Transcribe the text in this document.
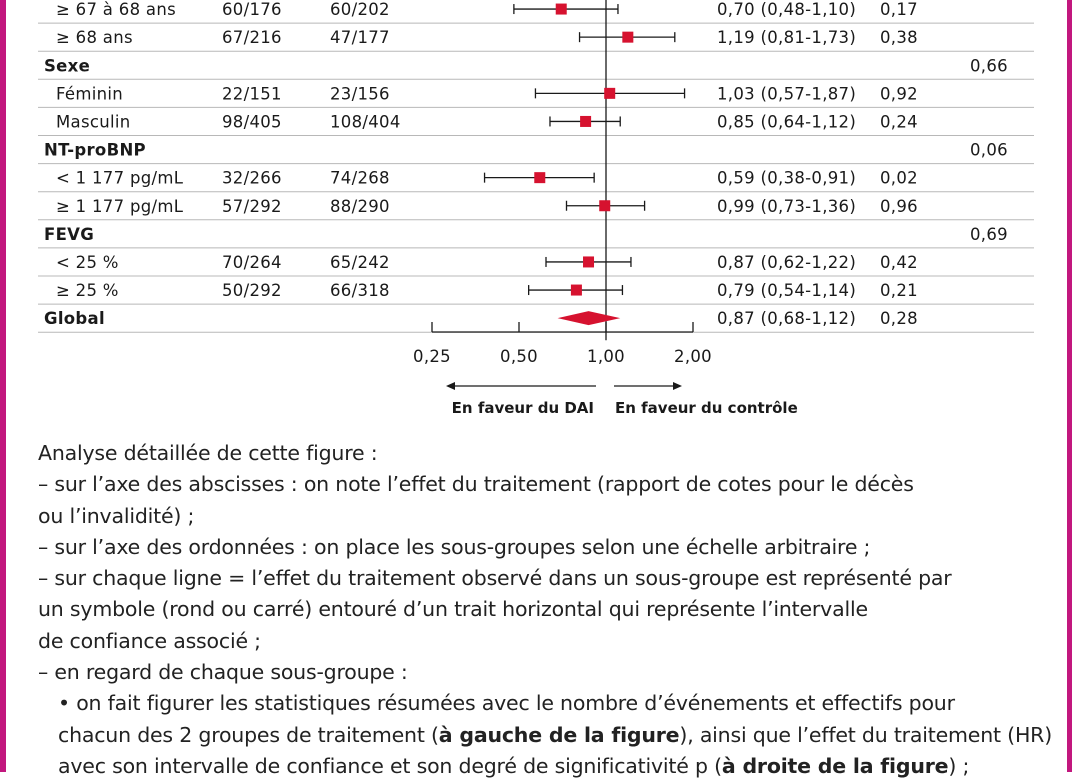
≥ 67 à 68 ans	60/176	60/202	0,70 (0,48-1,10) 0,17
≥ 68 ans	67/216	47/177	1,19 (0,81-1,73) 0,38
Sexe	0,66
Féminin	22/151	23/156	1,03 (0,57-1,87) 0,92
Masculin	98/405	108/404	0,85 (0,64-1,12) 0,24
NT-proBNP	0,06
< 1 177 pg/mL 32/266	74/268	0,59 (0,38-0,91) 0,02
≥ 1 177 pg/mL 57/292	88/290	0,99 (0,73-1,36) 0,96
FEVG	0,69
< 25 %	70/264	65/242	0,87 (0,62-1,22) 0,42
≥ 25 %	50/292	66/318	0,79 (0,54-1,14) 0,21
Global	0,87 (0,68-1,12) 0,28
0,25	0,50	1,00	2,00
En faveur du DAI En faveur du contrôle

Analyse détaillée de cette figure :

– sur l’axe des abscisses : on note l’effet du traitement (rapport de cotes pour le décès

ou l’invalidité) ;

– sur l’axe des ordonnées : on place les sous-groupes selon une échelle arbitraire ;

– sur chaque ligne = l’effet du traitement observé dans un sous-groupe est représenté par

un symbole (rond ou carré) entouré d’un trait horizontal qui représente l’intervalle

de confiance associé ;

– en regard de chaque sous-groupe :

• on fait figurer les statistiques résumées avec le nombre d’événements et effectifs pour

chacun des 2 groupes de traitement (à gauche de la figure), ainsi que l’effet du traitement (HR)

avec son intervalle de confiance et son degré de significativité p (à droite de la figure) ;
